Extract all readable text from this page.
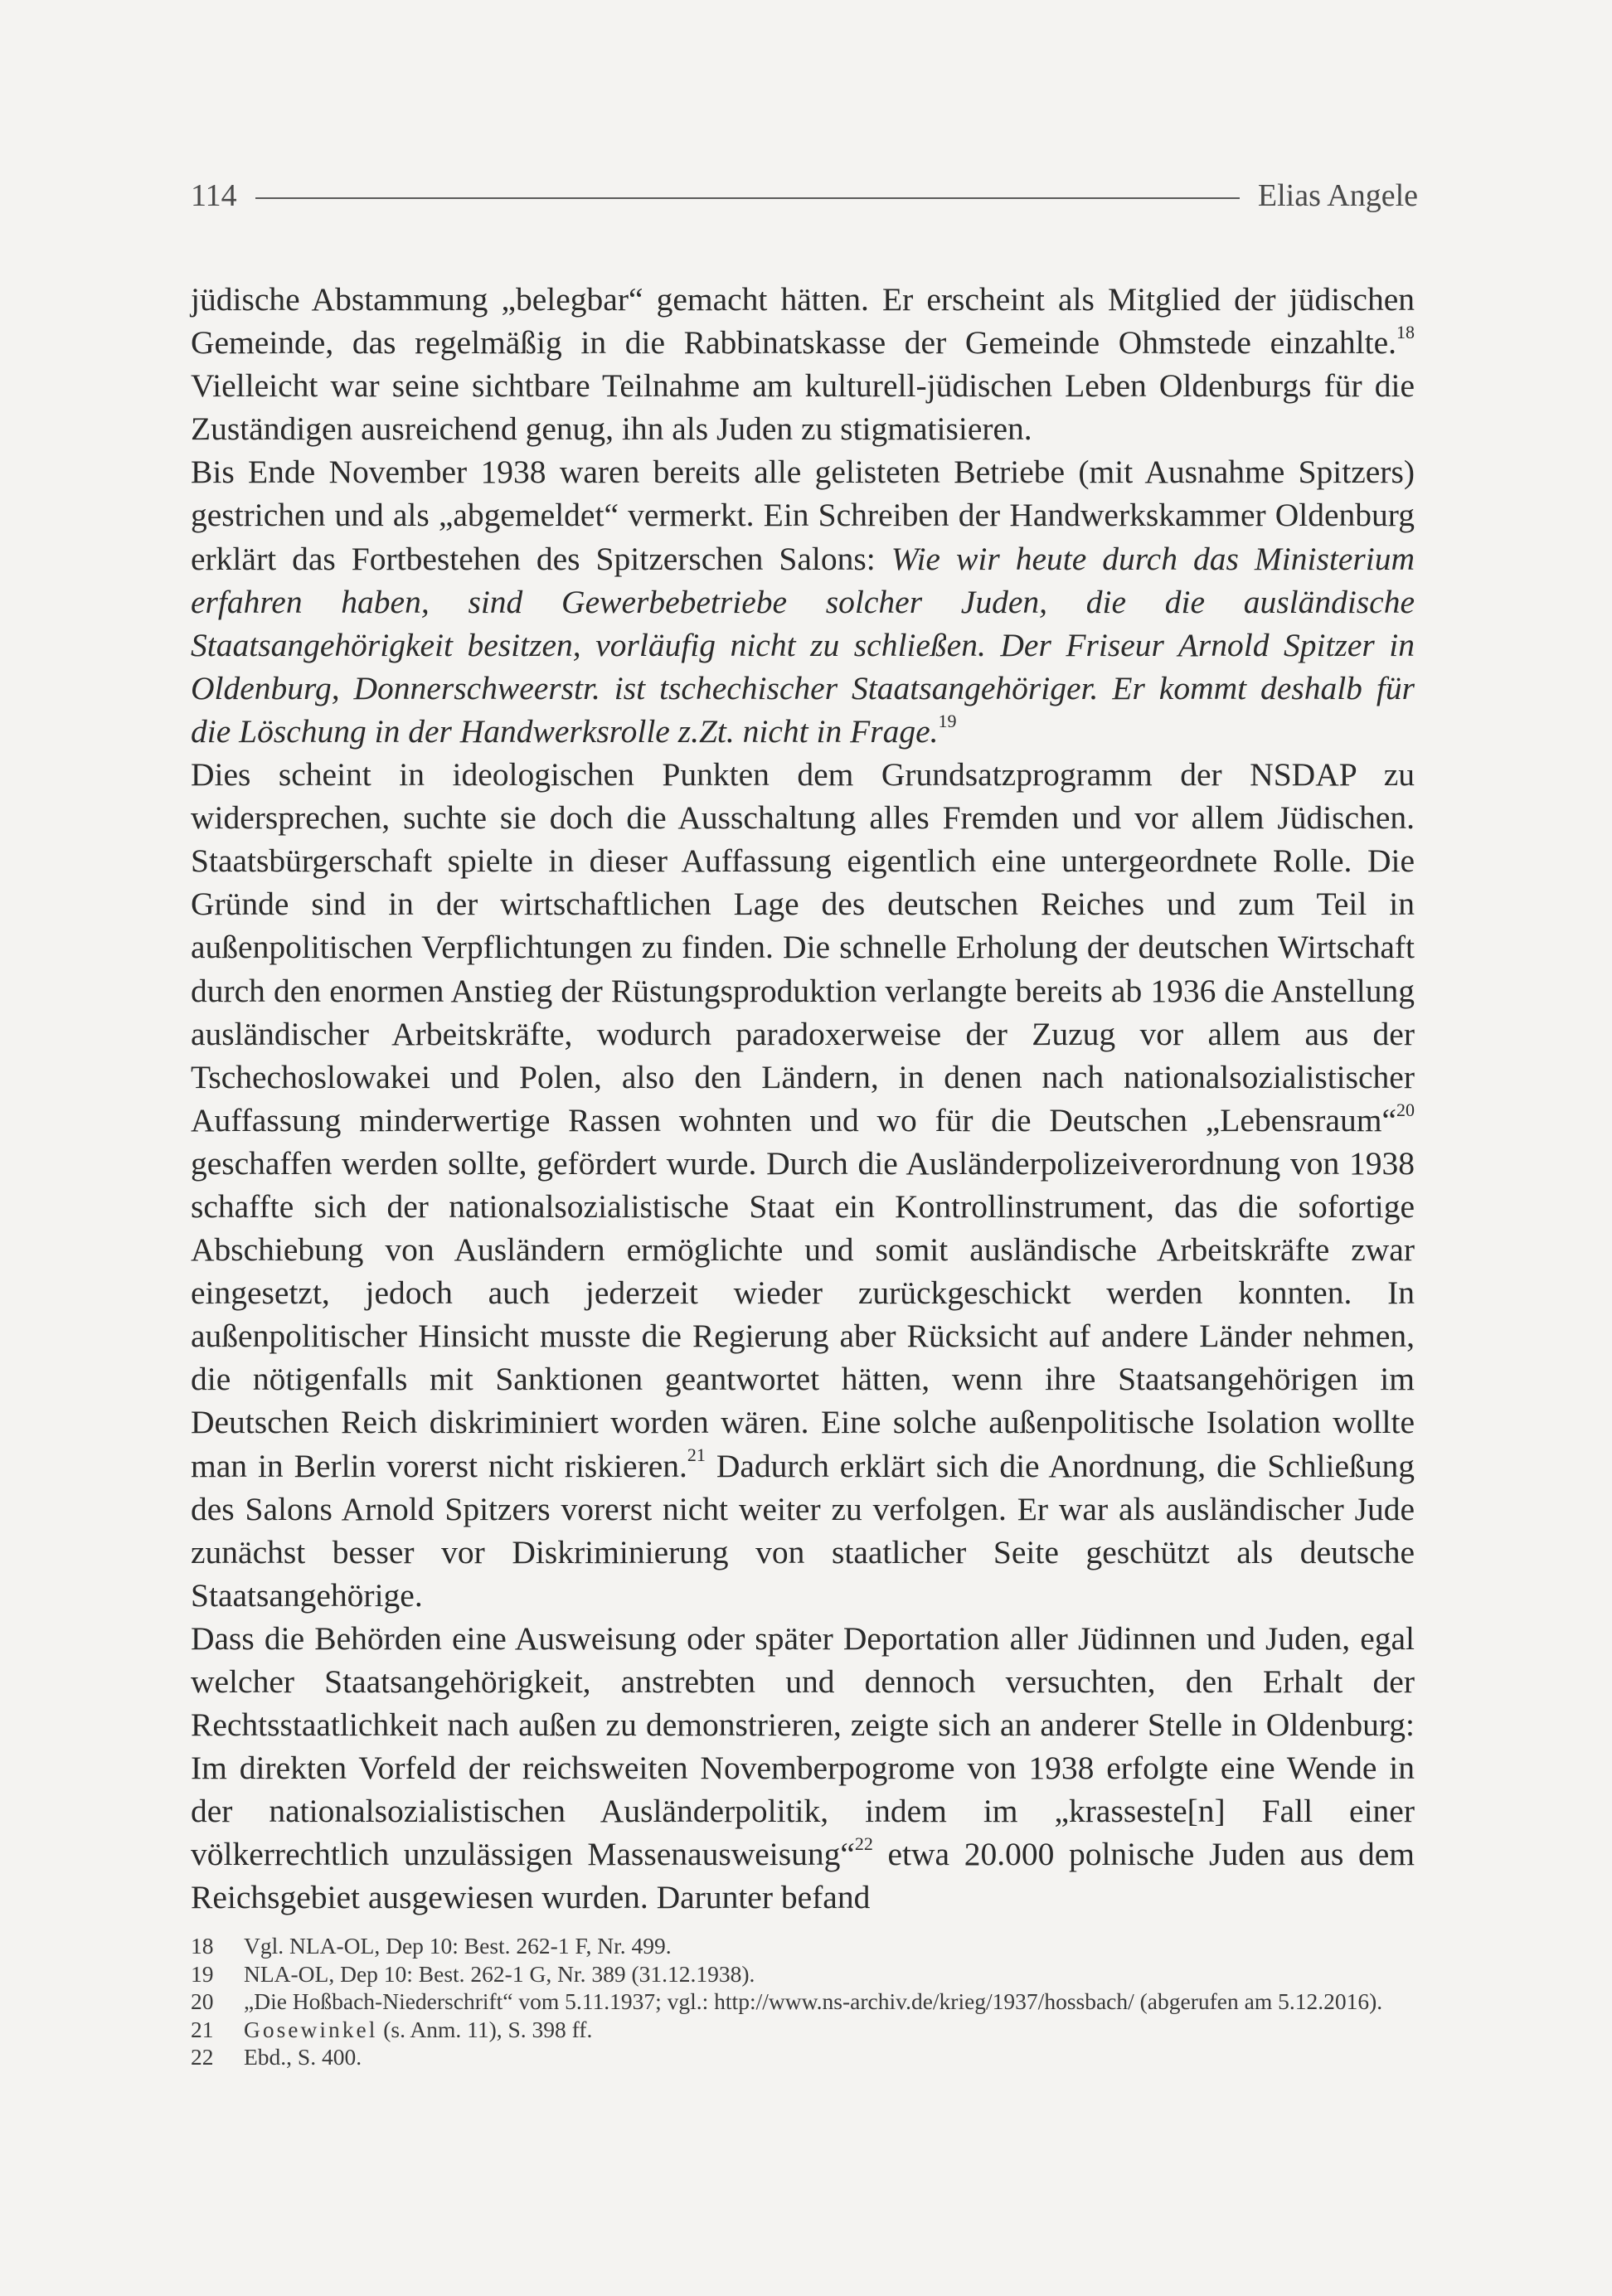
114	Elias Angele

jüdische Abstammung „belegbar“ gemacht hätten. Er erscheint als Mitglied der jüdischen Gemeinde, das regelmäßig in die Rabbinatskasse der Gemeinde Ohmstede einzahlte.$^{18}$ Vielleicht war seine sichtbare Teilnahme am kulturell-jüdischen Leben Oldenburgs für die Zuständigen ausreichend genug, ihn als Juden zu stigmatisieren.

Bis Ende November 1938 waren bereits alle gelisteten Betriebe (mit Ausnahme Spitzers) gestrichen und als „abgemeldet“ vermerkt. Ein Schreiben der Handwerkskammer Oldenburg erklärt das Fortbestehen des Spitzerschen Salons: Wie wir heute durch das Ministerium erfahren haben, sind Gewerbebetriebe solcher Juden, die die ausländische Staatsangehörigkeit besitzen, vorläufig nicht zu schließen. Der Friseur Arnold Spitzer in Oldenburg, Donnerschweerstr. ist tschechischer Staatsangehöriger. Er kommt deshalb für die Löschung in der Handwerksrolle z.Zt. nicht in Frage.$^{19}$

Dies scheint in ideologischen Punkten dem Grundsatzprogramm der NSDAP zu widersprechen, suchte sie doch die Ausschaltung alles Fremden und vor allem Jüdischen. Staatsbürgerschaft spielte in dieser Auffassung eigentlich eine untergeordnete Rolle. Die Gründe sind in der wirtschaftlichen Lage des deutschen Reiches und zum Teil in außenpolitischen Verpflichtungen zu finden. Die schnelle Erholung der deutschen Wirtschaft durch den enormen Anstieg der Rüstungsproduktion verlangte bereits ab 1936 die Anstellung ausländischer Arbeitskräfte, wodurch paradoxerweise der Zuzug vor allem aus der Tschechoslowakei und Polen, also den Ländern, in denen nach nationalsozialistischer Auffassung minderwertige Rassen wohnten und wo für die Deutschen „Lebensraum“$^{20}$ geschaffen werden sollte, gefördert wurde. Durch die Ausländerpolizeiverordnung von 1938 schaffte sich der nationalsozialistische Staat ein Kontrollinstrument, das die sofortige Abschiebung von Ausländern ermöglichte und somit ausländische Arbeitskräfte zwar eingesetzt, jedoch auch jederzeit wieder zurückgeschickt werden konnten. In außenpolitischer Hinsicht musste die Regierung aber Rücksicht auf andere Länder nehmen, die nötigenfalls mit Sanktionen geantwortet hätten, wenn ihre Staatsangehörigen im Deutschen Reich diskriminiert worden wären. Eine solche außenpolitische Isolation wollte man in Berlin vorerst nicht riskieren.$^{21}$ Dadurch erklärt sich die Anordnung, die Schließung des Salons Arnold Spitzers vorerst nicht weiter zu verfolgen. Er war als ausländischer Jude zunächst besser vor Diskriminierung von staatlicher Seite geschützt als deutsche Staatsangehörige.

Dass die Behörden eine Ausweisung oder später Deportation aller Jüdinnen und Juden, egal welcher Staatsangehörigkeit, anstrebten und dennoch versuchten, den Erhalt der Rechtsstaatlichkeit nach außen zu demonstrieren, zeigte sich an anderer Stelle in Oldenburg: Im direkten Vorfeld der reichsweiten Novemberpogrome von 1938 erfolgte eine Wende in der nationalsozialistischen Ausländerpolitik, indem im „krasseste[n] Fall einer völkerrechtlich unzulässigen Massenausweisung“$^{22}$ etwa 20.000 polnische Juden aus dem Reichsgebiet ausgewiesen wurden. Darunter befand

18	Vgl. NLA-OL, Dep 10: Best. 262-1 F, Nr. 499.
19	NLA-OL, Dep 10: Best. 262-1 G, Nr. 389 (31.12.1938).
20	„Die Hoßbach-Niederschrift“ vom 5.11.1937; vgl.: http://www.ns-archiv.de/krieg/1937/hossbach/ (abgerufen am 5.12.2016).
21	Gosewinkel (s. Anm. 11), S. 398 ff.
22	Ebd., S. 400.
